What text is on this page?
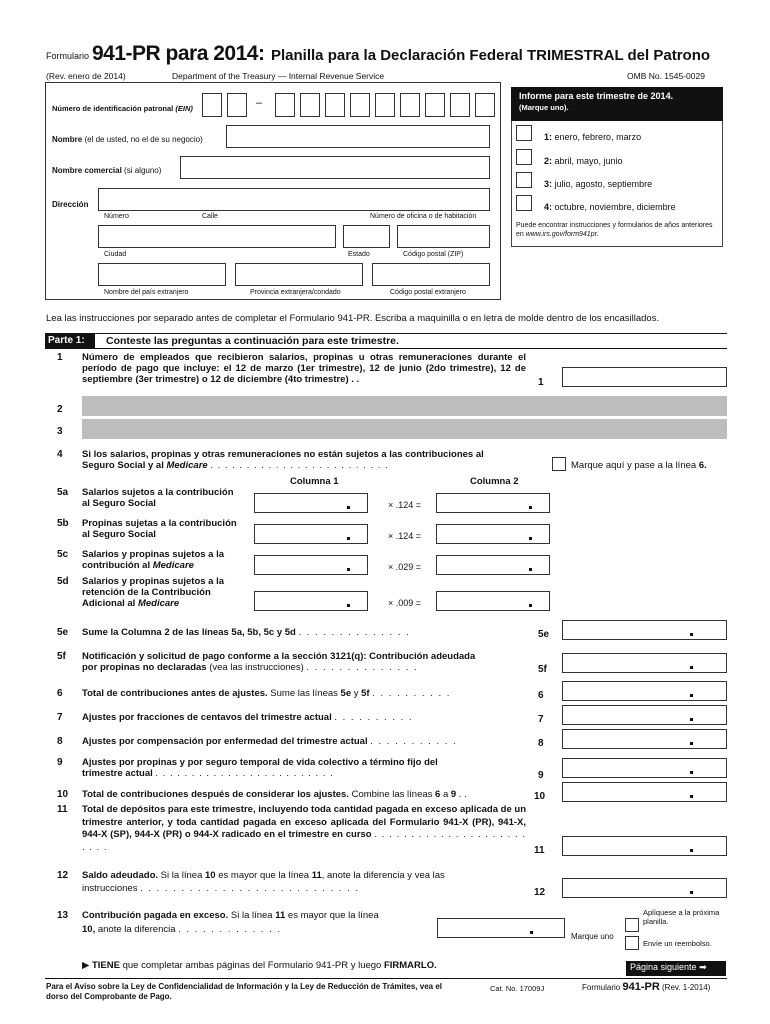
Formulario 941-PR para 2014: Planilla para la Declaración Federal TRIMESTRAL del Patrono
(Rev. enero de 2014)	Department of the Treasury — Internal Revenue Service	OMB No. 1545-0029
Número de identificación patronal (EIN)	–
Nombre (el de usted, no el de su negocio)
Nombre comercial (si alguno)
Dirección
Número	Calle	Número de oficina o de habitación
Ciudad	Estado	Código postal (ZIP)
Nombre del país extranjero	Provincia extranjera/condado	Código postal extranjero
Informe para este trimestre de 2014.
(Marque uno).
1: enero, febrero, marzo
2: abril, mayo, junio
3: julio, agosto, septiembre
4: octubre, noviembre, diciembre
Puede encontrar instrucciones y formularios de años anteriores en www.irs.gov/form941pr.
Lea las instrucciones por separado antes de completar el Formulario 941-PR. Escriba a maquinilla o en letra de molde dentro de los encasillados.
Parte 1:	Conteste las preguntas a continuación para este trimestre.
1 Número de empleados que recibieron salarios, propinas u otras remuneraciones durante el período de pago que incluye: el 12 de marzo (1er trimestre), 12 de junio (2do trimestre), 12 de septiembre (3er trimestre) o 12 de diciembre (4to trimestre) . .	1
2
3
4 Si los salarios, propinas y otras remuneraciones no están sujetos a las contribuciones al
Seguro Social y al Medicare . . . . . . . . . . . . . . . . . . . . . . . . .	Marque aquí y pase a la línea 6.
Columna 1	Columna 2
5a Salarios sujetos a la contribución al Seguro Social	× .124 =
5b Propinas sujetas a la contribución al Seguro Social	× .124 =
5c Salarios y propinas sujetos a la contribución al Medicare	× .029 =
5d Salarios y propinas sujetos a la retención de la Contribución Adicional al Medicare	× .009 =
5e Sume la Columna 2 de las líneas 5a, 5b, 5c y 5d . . . . . . . . . . . . . .	5e
5f Notificación y solicitud de pago conforme a la sección 3121(q): Contribución adeudada
por propinas no declaradas (vea las instrucciones) . . . . . . . . . . . . . .	5f
6 Total de contribuciones antes de ajustes. Sume las líneas 5e y 5f . . . . . . . . . .	6
7 Ajustes por fracciones de centavos del trimestre actual . . . . . . . . . .	7
8 Ajustes por compensación por enfermedad del trimestre actual . . . . . . . . . . .	8
9 Ajustes por propinas y por seguro temporal de vida colectivo a término fijo del
trimestre actual . . . . . . . . . . . . . . . . . . . . . . . . .	9
10 Total de contribuciones después de considerar los ajustes. Combine las líneas 6 a 9 . .	10
11 Total de depósitos para este trimestre, incluyendo toda cantidad pagada en exceso aplicada de un trimestre anterior, y toda cantidad pagada en exceso aplicada del Formulario 941-X (PR), 941-X, 944-X (SP), 944-X (PR) o 944-X radicado en el trimestre en curso . . . . . . . . . . . . . . . . . . . . . . . . .	11
12 Saldo adeudado. Si la línea 10 es mayor que la línea 11, anote la diferencia y vea las
instrucciones . . . . . . . . . . . . . . . . . . . . . . . . . . .	12
13 Contribución pagada en exceso. Si la línea 11 es mayor que la línea
10, anote la diferencia . . . . . . . . . . . . .
Marque uno
Aplíquese a la próxima planilla.
Envíe un reembolso.
▶ TIENE que completar ambas páginas del Formulario 941-PR y luego FIRMARLO.	Página siguiente ➡
Para el Aviso sobre la Ley de Confidencialidad de Información y la Ley de Reducción de Trámites, vea el dorso del Comprobante de Pago.
Cat. No. 17009J	Formulario 941-PR (Rev. 1-2014)
